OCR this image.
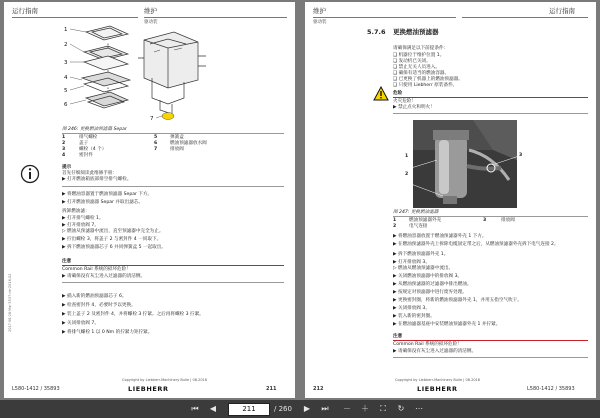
运行指南	维护
驱动装
1
2
3
4
5
6
7
图 246: 更换燃油预滤器 Separ
1	排气螺栓	5	弹簧盒
2	盖子	6	燃油预滤器放水阀
3	螺栓（4 个）	7	排放阀
4	密封件
提示
首先仔细阅读此维修手册：
▶ 打开燃油箱底部排空排气螺栓。
▶ 将燃油容器置于燃油预滤器 Separ 下方。
▶ 打开燃油预滤器 Separ 并取出滤芯。
拆卸燃油滤：
▶ 打开排气螺栓 1。
▶ 打开排放阀 7。
▷ 燃油从预滤器中流出，直至预滤器中完全为止。
▶ 拧出螺栓 3，将盖子 2 与密封件 4 一同取下。
▶ 拆下燃油预滤器芯子 6 并同弹簧盒 5 一起取出。
注意
Common Rail 系统的损坏危险！
▶ 请确保没有灰尘进入过滤器的清洁侧。
▶ 插入新的燃油预滤器芯子 6。
▶ 检查密封件 4，必要时予以更换。
▶ 装上盖子 2 及密封件 4，并将螺栓 3 拧紧。之后再将螺栓 3 拧紧。
▶ 关闭排放阀 7。
▶ 将排气螺栓 1 以 0 Nm 的拧紧力矩拧紧。
2017·08·28·Mai·5537·de·2018-02
Copyright by Liebherr-Machinery Bulle | 08.2018
L580-1412 / 35893	LIEBHERR	211
维护	运行指南
驱动装
5.7.6 更换燃油预滤器
请确保满足以下前提条件：
❑ 机器位于维护位置 1。
❑ 发动机已关闭。
❑ 禁止无关人员进入。
❑ 确保有适当的燃油容器。
❑ 已更换了机器上的燃油预滤器。
❑ 只使用 Liebherr 原装备件。
危险
火灾危险！
▶ 禁止点火和明火！
1
2
3
图 247: 更换燃油滤器
1	燃油预滤器外壳	3	排放阀
2	电气连接
▶ 将燃油容器放置于燃油预滤器外壳 1 下方。
▶ 在燃油预滤器外壳上拆除电缆固定带之后，从燃油预滤器外壳拆下电气连接 2。
▶ 拆下燃油预滤器外壳 1。
▶ 打开排放阀 3。
▷ 燃油从燃油预滤器中流出。
▶ 关闭燃油预滤器中的排放阀 3。
▶ 从燃油预滤器的过滤器中排出燃油。
▶ 按规定对预滤器中进行废弃处理。
▶ 更换密封圈，将新的燃油预滤器外壳 1，并用五指空气吹干。
▶ 关闭排放阀 3。
▶ 装入新的密封圈。
▶ 在燃油滤器基座中安装燃油预滤器外壳 1 并拧紧。
注意
Common Rail 系统的损坏危险！
▶ 请确保没有灰尘进入过滤器的清洁侧。
Copyright by Liebherr-Machinery Bulle | 08.2018
212	LIEBHERR	L580-1412 / 35893
⏮	◀	211	/ 260	▶	⏭	－	＋	⛶	↻	⋯
